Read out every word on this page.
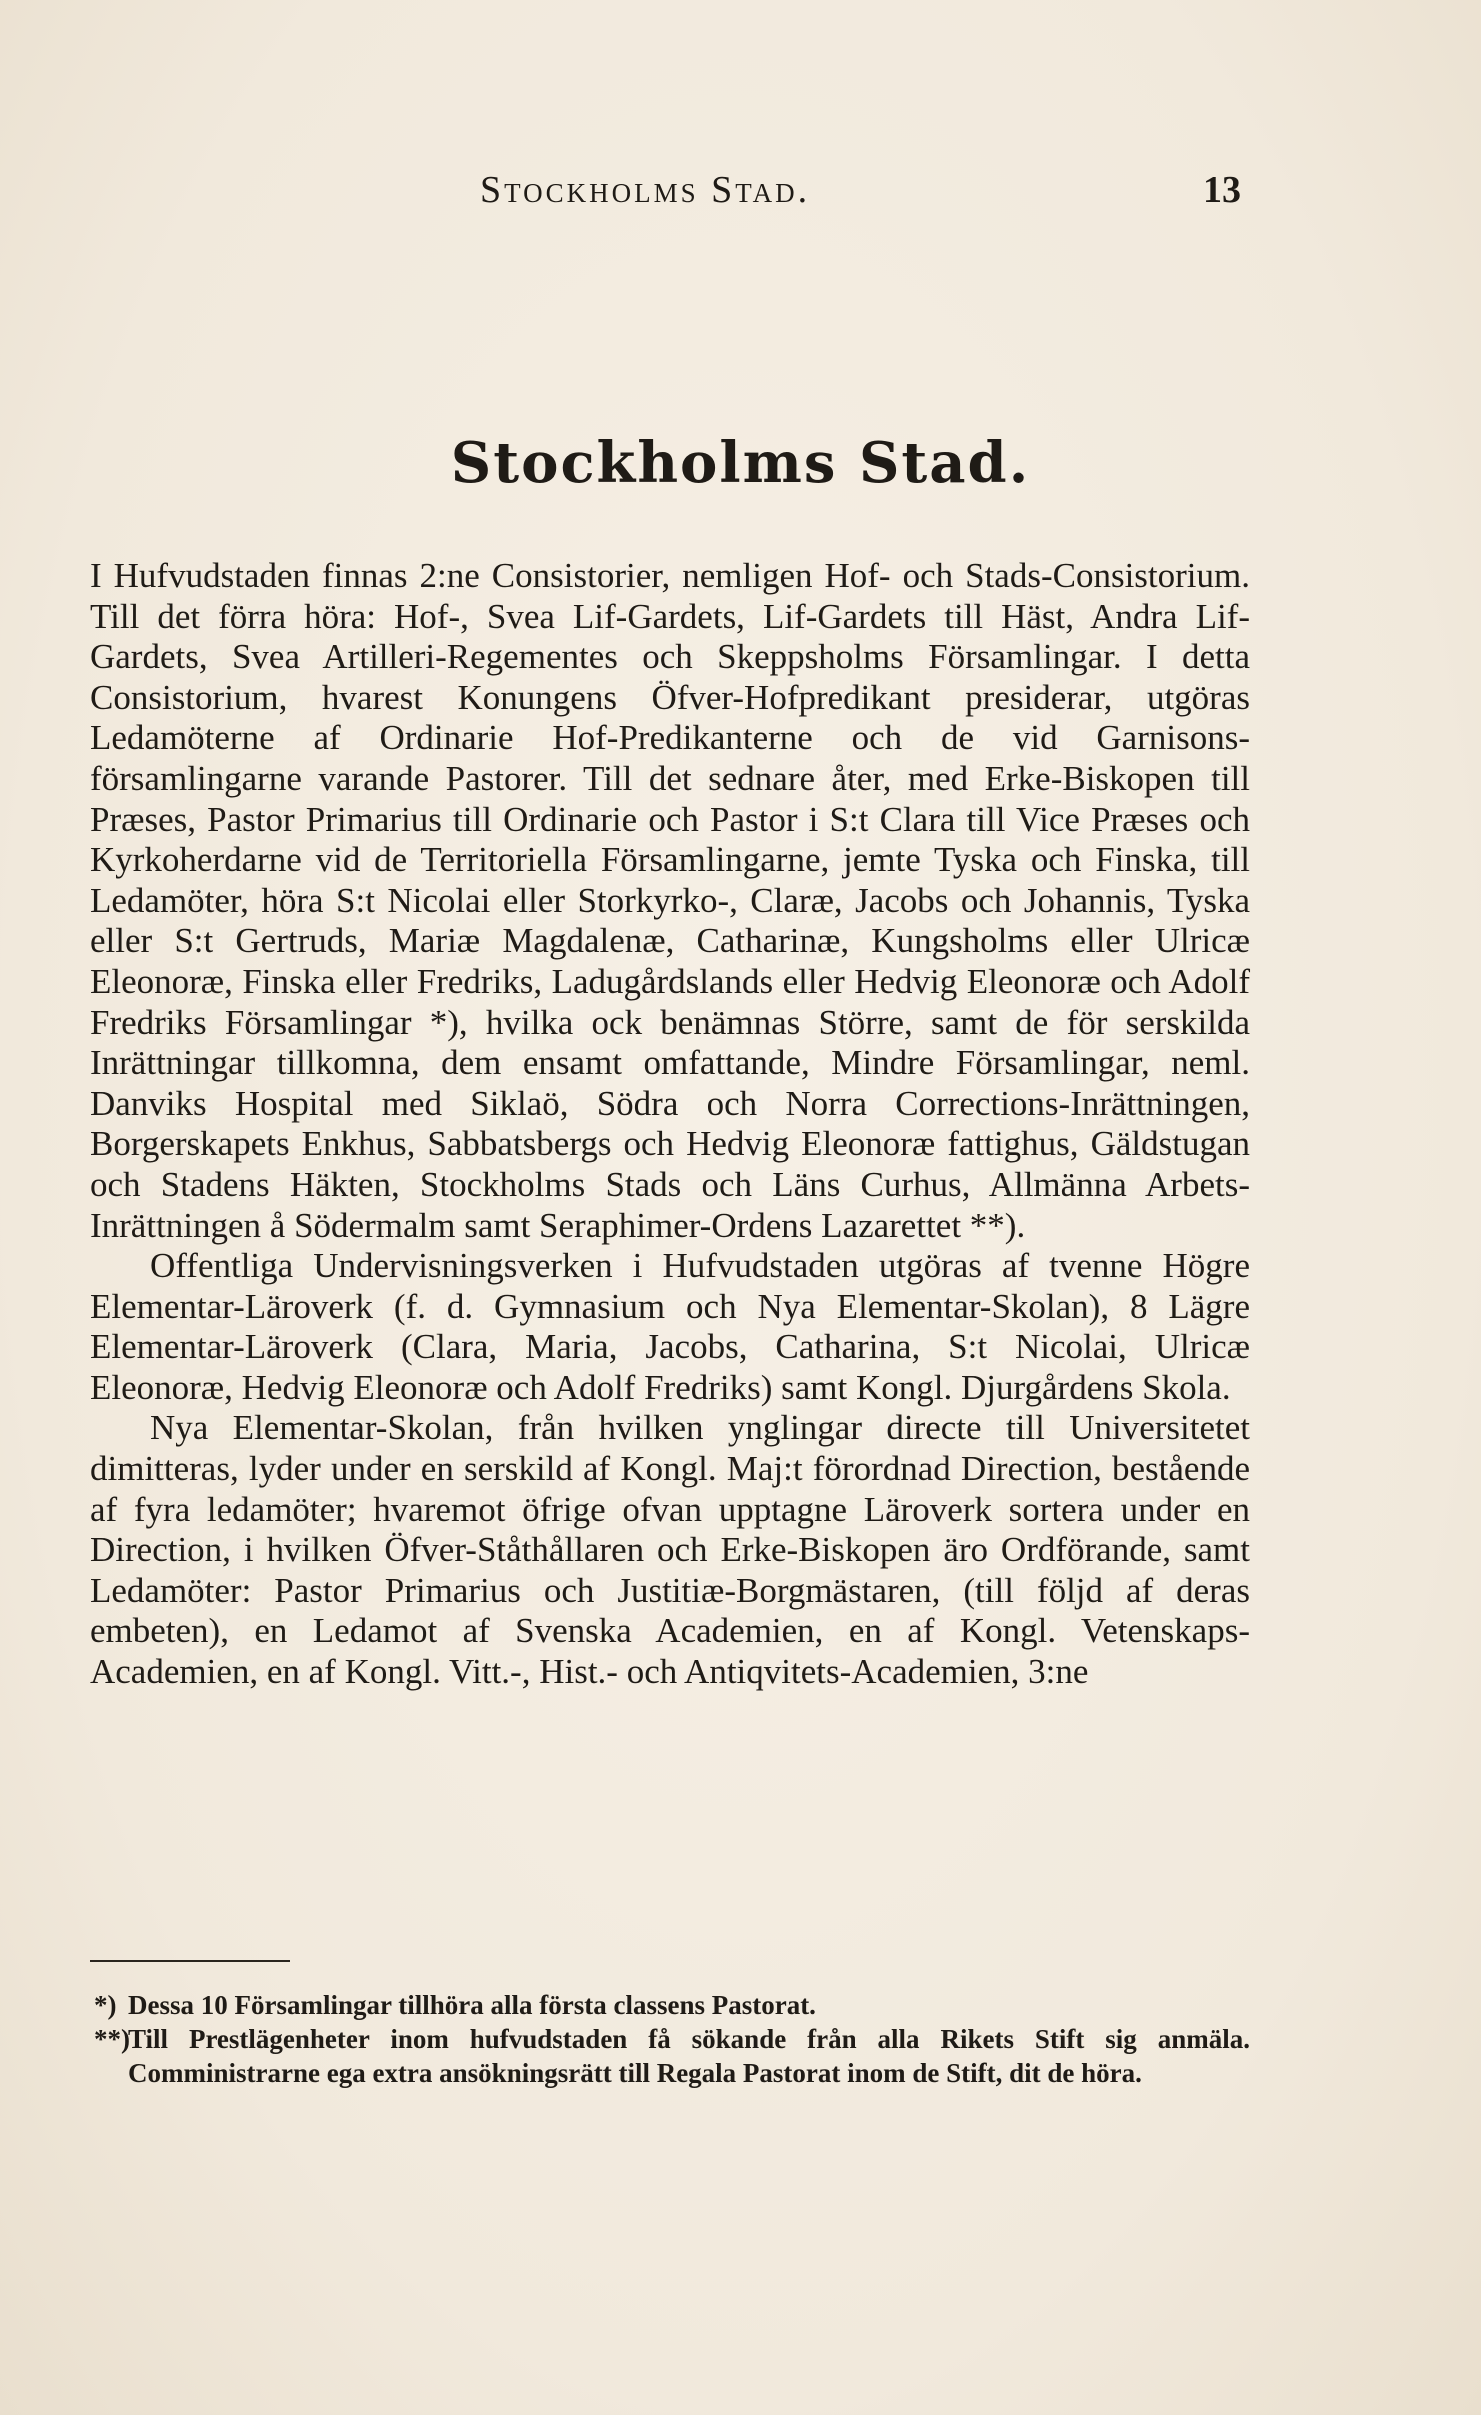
Stockholms Stad.	13
Stockholms Stad.

I Hufvudstaden finnas 2:ne Consistorier, nemligen Hof- och Stads-Consistorium. Till det förra höra: Hof-, Svea Lif-Gardets, Lif-Gardets till Häst, Andra Lif-Gardets, Svea Artilleri-Regementes och Skeppsholms Församlingar. I detta Consistorium, hvarest Konungens Öfver-Hofpredikant presiderar, utgöras Ledamöterne af Ordinarie Hof-Predikanterne och de vid Garnisons-församlingarne varande Pastorer. Till det sednare åter, med Erke-Biskopen till Præses, Pastor Primarius till Ordinarie och Pastor i S:t Clara till Vice Præses och Kyrkoherdarne vid de Territoriella Församlingarne, jemte Tyska och Finska, till Ledamöter, höra S:t Nicolai eller Storkyrko-, Claræ, Jacobs och Johannis, Tyska eller S:t Gertruds, Mariæ Magdalenæ, Catharinæ, Kungsholms eller Ulricæ Eleonoræ, Finska eller Fredriks, Ladugårdslands eller Hedvig Eleonoræ och Adolf Fredriks Församlingar *), hvilka ock benämnas Större, samt de för serskilda Inrättningar tillkomna, dem ensamt omfattande, Mindre Församlingar, neml. Danviks Hospital med Siklaö, Södra och Norra Corrections-Inrättningen, Borgerskapets Enkhus, Sabbatsbergs och Hedvig Eleonoræ fattighus, Gäldstugan och Stadens Häkten, Stockholms Stads och Läns Curhus, Allmänna Arbets-Inrättningen å Södermalm samt Seraphimer-Ordens Lazarettet **).

Offentliga Undervisningsverken i Hufvudstaden utgöras af tvenne Högre Elementar-Läroverk (f. d. Gymnasium och Nya Elementar-Skolan), 8 Lägre Elementar-Läroverk (Clara, Maria, Jacobs, Catharina, S:t Nicolai, Ulricæ Eleonoræ, Hedvig Eleonoræ och Adolf Fredriks) samt Kongl. Djurgårdens Skola.

Nya Elementar-Skolan, från hvilken ynglingar directe till Universitetet dimitteras, lyder under en serskild af Kongl. Maj:t förordnad Direction, bestående af fyra ledamöter; hvaremot öfrige ofvan upptagne Läroverk sortera under en Direction, i hvilken Öfver-Ståthållaren och Erke-Biskopen äro Ordförande, samt Ledamöter: Pastor Primarius och Justitiæ-Borgmästaren, (till följd af deras embeten), en Ledamot af Svenska Academien, en af Kongl. Vetenskaps-Academien, en af Kongl. Vitt.-, Hist.- och Antiqvitets-Academien, 3:ne

*) Dessa 10 Församlingar tillhöra alla första classens Pastorat.
**)
Till Prestlägenheter inom hufvudstaden få sökande från alla Rikets Stift sig anmäla. Comministrarne ega extra ansökningsrätt till Regala Pastorat inom de Stift, dit de höra.
